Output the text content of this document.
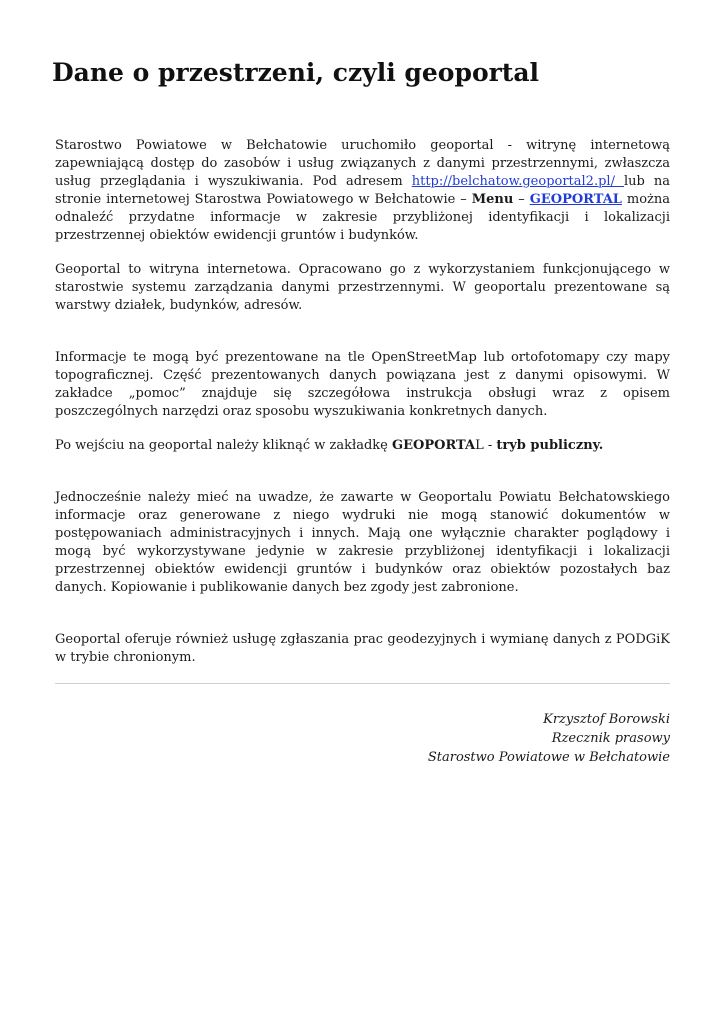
Dane o przestrzeni, czyli geoportal

Starostwo Powiatowe w Bełchatowie uruchomiło geoportal - witrynę internetową zapewniającą dostęp do zasobów i usług związanych z danymi przestrzennymi, zwłaszcza usług przeglądania i wyszukiwania. Pod adresem http://belchatow.geoportal2.pl/ lub na stronie internetowej Starostwa Powiatowego w Bełchatowie – Menu – GEOPORTAL można odnaleźć przydatne informacje w zakresie przybliżonej identyfikacji i lokalizacji przestrzennej obiektów ewidencji gruntów i budynków.

Geoportal to witryna internetowa. Opracowano go z wykorzystaniem funkcjonującego w starostwie systemu zarządzania danymi przestrzennymi. W geoportalu prezentowane są warstwy działek, budynków, adresów.

Informacje te mogą być prezentowane na tle OpenStreetMap lub ortofotomapy czy mapy topograficznej. Część prezentowanych danych powiązana jest z danymi opisowymi. W zakładce „pomoc” znajduje się szczegółowa instrukcja obsługi wraz z opisem poszczególnych narzędzi oraz sposobu wyszukiwania konkretnych danych.

Po wejściu na geoportal należy kliknąć w zakładkę GEOPORTAL - tryb publiczny.

Jednocześnie należy mieć na uwadze, że zawarte w Geoportalu Powiatu Bełchatowskiego informacje oraz generowane z niego wydruki nie mogą stanowić dokumentów w postępowaniach administracyjnych i innych. Mają one wyłącznie charakter poglądowy i mogą być wykorzystywane jedynie w zakresie przybliżonej identyfikacji i lokalizacji przestrzennej obiektów ewidencji gruntów i budynków oraz obiektów pozostałych baz danych. Kopiowanie i publikowanie danych bez zgody jest zabronione.

Geoportal oferuje również usługę zgłaszania prac geodezyjnych i wymianę danych z PODGiK w trybie chronionym.

Krzysztof Borowski
Rzecznik prasowy
Starostwo Powiatowe w Bełchatowie
